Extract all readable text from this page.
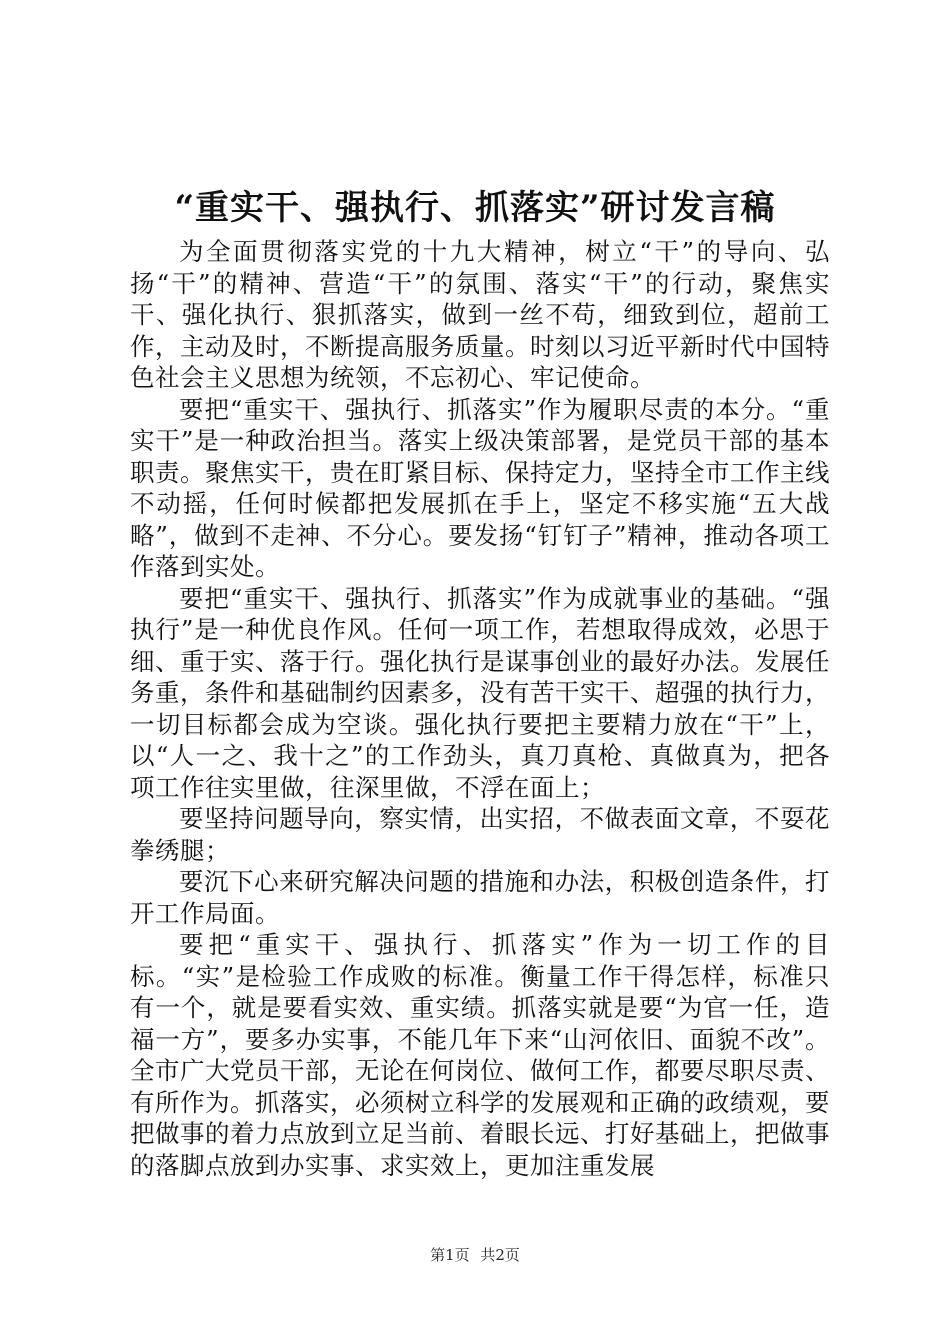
“重实干、强执行、抓落实”研讨发言稿

为全面贯彻落实党的十九大精神，树立“干”的导向、弘扬“干”的精神、营造“干”的氛围、落实“干”的行动，聚焦实干、强化执行、狠抓落实，做到一丝不苟，细致到位，超前工作，主动及时，不断提高服务质量。时刻以习近平新时代中国特色社会主义思想为统领，不忘初心、牢记使命。

要把“重实干、强执行、抓落实”作为履职尽责的本分。“重实干”是一种政治担当。落实上级决策部署，是党员干部的基本职责。聚焦实干，贵在盯紧目标、保持定力，坚持全市工作主线不动摇，任何时候都把发展抓在手上，坚定不移实施“五大战略”，做到不走神、不分心。要发扬“钉钉子”精神，推动各项工作落到实处。

要把“重实干、强执行、抓落实”作为成就事业的基础。“强执行”是一种优良作风。任何一项工作，若想取得成效，必思于细、重于实、落于行。强化执行是谋事创业的最好办法。发展任务重，条件和基础制约因素多，没有苦干实干、超强的执行力，一切目标都会成为空谈。强化执行要把主要精力放在“干”上，以“人一之、我十之”的工作劲头，真刀真枪、真做真为，把各项工作往实里做，往深里做，不浮在面上；

要坚持问题导向，察实情，出实招，不做表面文章，不耍花拳绣腿；

要沉下心来研究解决问题的措施和办法，积极创造条件，打开工作局面。

要把“重实干、强执行、抓落实”作为一切工作的目标。“实”是检验工作成败的标准。衡量工作干得怎样，标准只有一个，就是要看实效、重实绩。抓落实就是要“为官一任，造福一方”，要多办实事，不能几年下来“山河依旧、面貌不改”。全市广大党员干部，无论在何岗位、做何工作，都要尽职尽责、有所作为。抓落实，必须树立科学的发展观和正确的政绩观，要把做事的着力点放到立足当前、着眼长远、打好基础上，把做事的落脚点放到办实事、求实效上，更加注重发展

第1页 共2页
